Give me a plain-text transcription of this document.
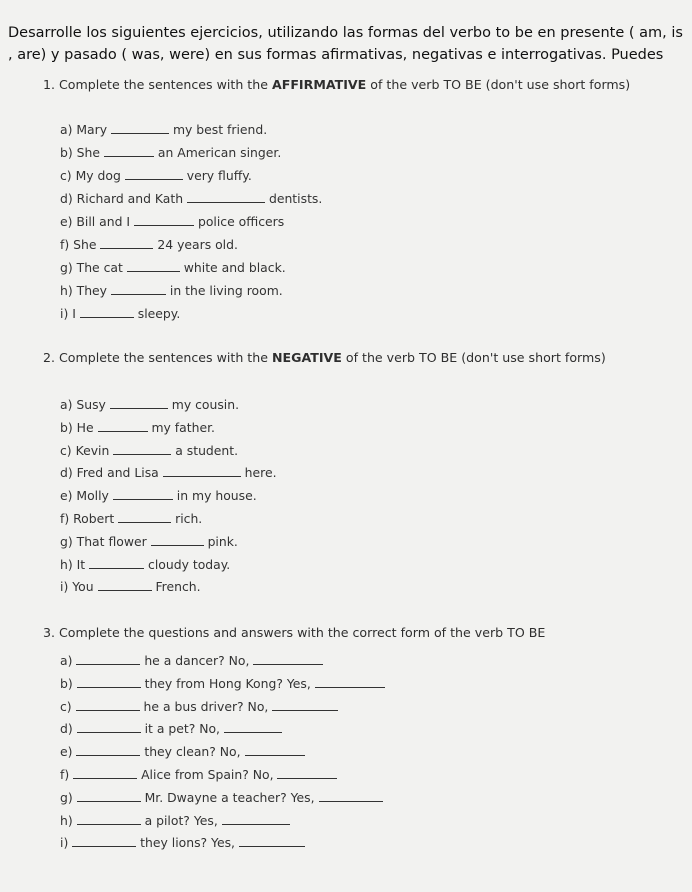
Desarrolle los siguientes ejercicios, utilizando las formas del verbo to be en presente ( am, is , are) y pasado ( was, were) en sus formas afirmativas, negativas e interrogativas. Puedes
1. Complete the sentences with the AFFIRMATIVE of the verb TO BE (don't use short forms)
a) Mary	my best friend.
b) She	an American singer.
c) My dog	very fluffy.
d) Richard and Kath	dentists.
e) Bill and I	police officers
f) She	24 years old.
g) The cat	white and black.
h) They	in the living room.
i) I	sleepy.
2. Complete the sentences with the NEGATIVE of the verb TO BE (don't use short forms)
a) Susy	my cousin.
b) He	my father.
c) Kevin	a student.
d) Fred and Lisa	here.
e) Molly	in my house.
f) Robert	rich.
g) That flower	pink.
h) It	cloudy today.
i) You	French.
3. Complete the questions and answers with the correct form of the verb TO BE
a)	he a dancer? No,
b)	they from Hong Kong? Yes,
c)	he a bus driver? No,
d)	it a pet? No,
e)	they clean? No,
f)	Alice from Spain? No,
g)	Mr. Dwayne a teacher? Yes,
h)	a pilot? Yes,
i)	they lions? Yes,
